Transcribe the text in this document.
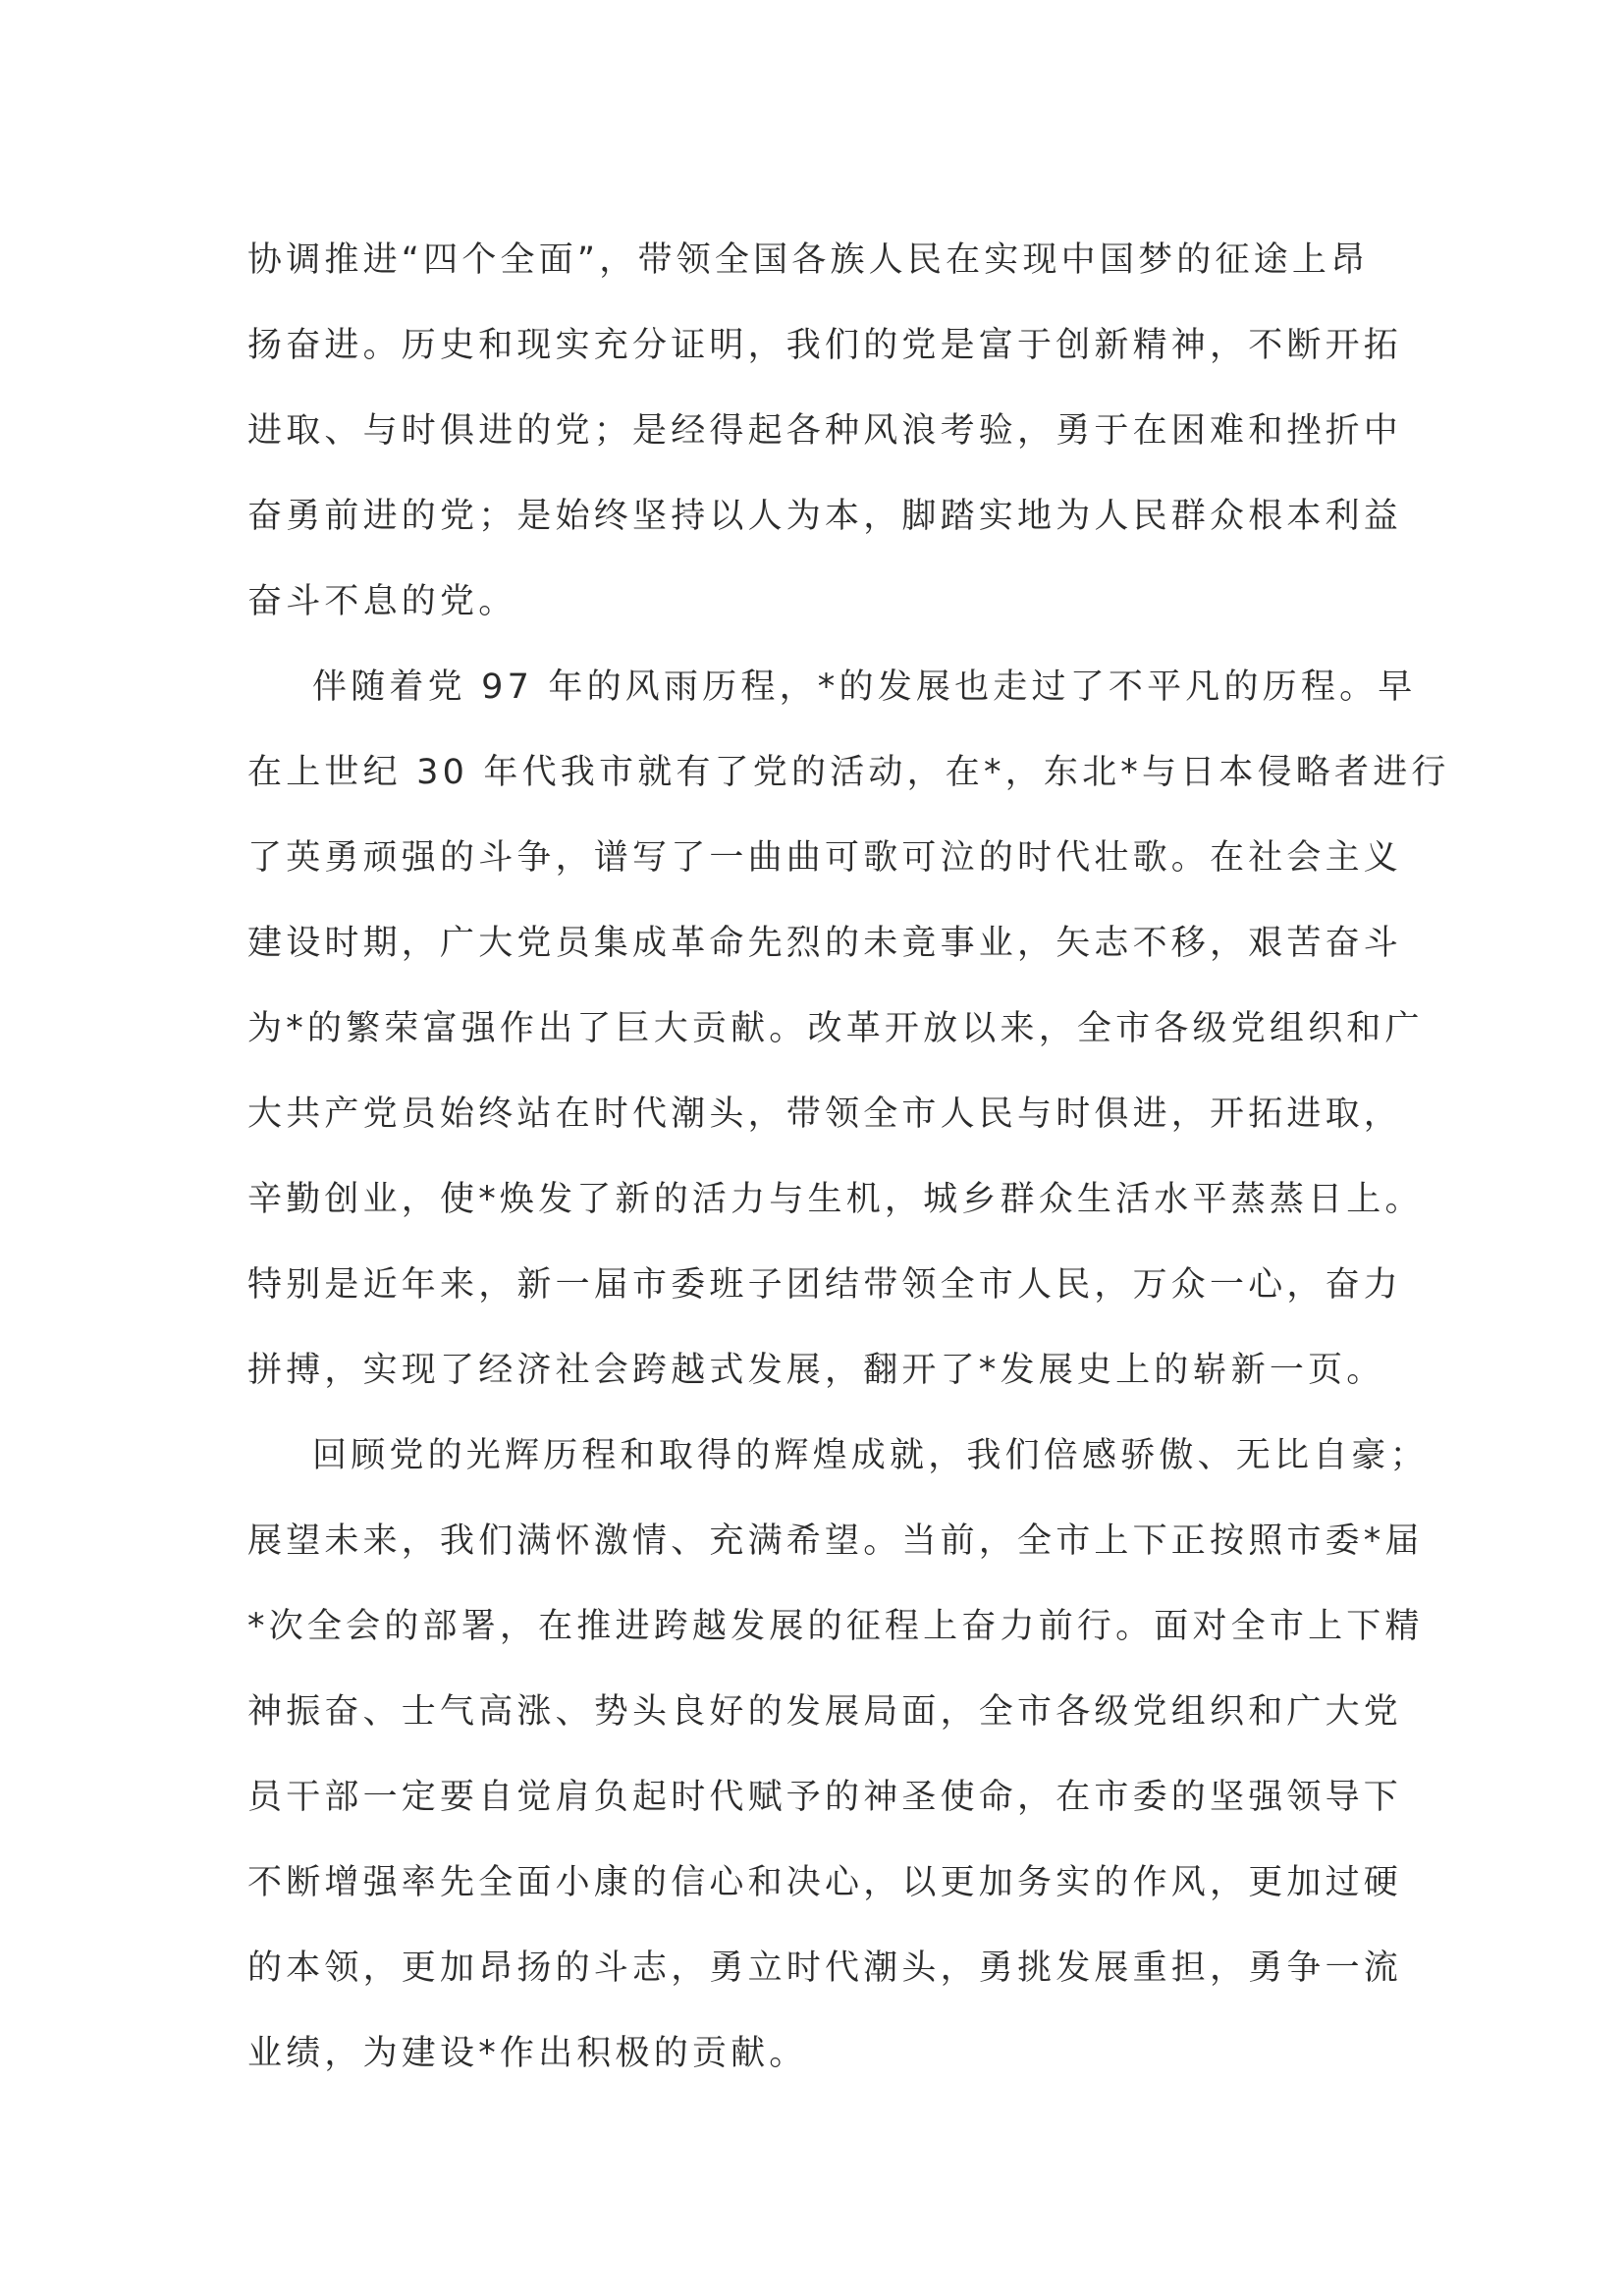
协调推进“四个全面”，带领全国各族人民在实现中国梦的征途上昂
扬奋进。历史和现实充分证明，我们的党是富于创新精神，不断开拓
进取、与时俱进的党；是经得起各种风浪考验，勇于在困难和挫折中
奋勇前进的党；是始终坚持以人为本，脚踏实地为人民群众根本利益
奋斗不息的党。
伴随着党 97 年的风雨历程，*的发展也走过了不平凡的历程。早
在上世纪 30 年代我市就有了党的活动，在*，东北*与日本侵略者进行
了英勇顽强的斗争，谱写了一曲曲可歌可泣的时代壮歌。在社会主义
建设时期，广大党员集成革命先烈的未竟事业，矢志不移，艰苦奋斗
为*的繁荣富强作出了巨大贡献。改革开放以来，全市各级党组织和广
大共产党员始终站在时代潮头，带领全市人民与时俱进，开拓进取，
辛勤创业，使*焕发了新的活力与生机，城乡群众生活水平蒸蒸日上。
特别是近年来，新一届市委班子团结带领全市人民，万众一心，奋力
拼搏，实现了经济社会跨越式发展，翻开了*发展史上的崭新一页。
回顾党的光辉历程和取得的辉煌成就，我们倍感骄傲、无比自豪；
展望未来，我们满怀激情、充满希望。当前，全市上下正按照市委*届
*次全会的部署，在推进跨越发展的征程上奋力前行。面对全市上下精
神振奋、士气高涨、势头良好的发展局面，全市各级党组织和广大党
员干部一定要自觉肩负起时代赋予的神圣使命，在市委的坚强领导下
不断增强率先全面小康的信心和决心，以更加务实的作风，更加过硬
的本领，更加昂扬的斗志，勇立时代潮头，勇挑发展重担，勇争一流
业绩，为建设*作出积极的贡献。
